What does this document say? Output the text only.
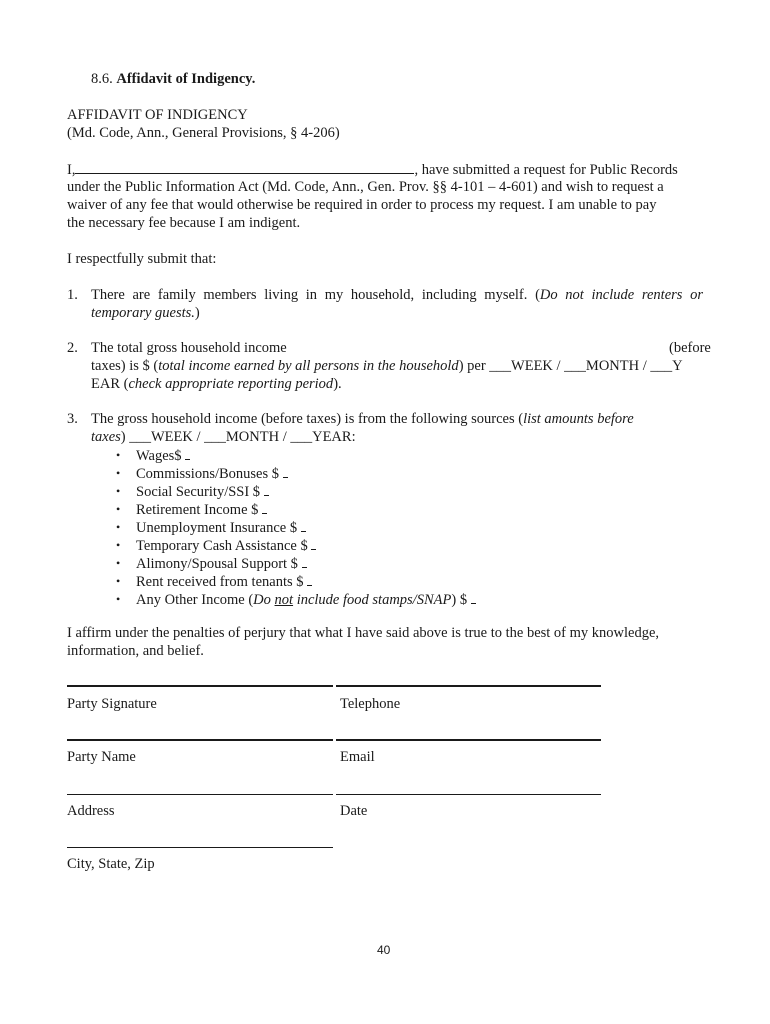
8.6. Affidavit of Indigency.
AFFIDAVIT OF INDIGENCY
(Md. Code, Ann., General Provisions, § 4-206)
I,	, have submitted a request for Public Records
under the Public Information Act (Md. Code, Ann., Gen. Prov. §§ 4-101 – 4-601) and wish to request a
waiver of any fee that would otherwise be required in order to process my request. I am unable to pay
the necessary fee because I am indigent.
I respectfully submit that:
1. There are family members living in my household, including myself. (Do not include renters or
temporary guests.)
2. The total gross household income	(before
taxes) is $ (total income earned by all persons in the household) per ___WEEK / ___MONTH / ___Y
EAR (check appropriate reporting period).
3. The gross household income (before taxes) is from the following sources (list amounts before
taxes) ___WEEK / ___MONTH / ___YEAR:
• Wages$
• Commissions/Bonuses $
• Social Security/SSI $
• Retirement Income $
• Unemployment Insurance $
• Temporary Cash Assistance $
• Alimony/Spousal Support $
• Rent received from tenants $
• Any Other Income (Do not include food stamps/SNAP) $
I affirm under the penalties of perjury that what I have said above is true to the best of my knowledge,
information, and belief.
Party Signature	Telephone
Party Name	Email
Address	Date
City, State, Zip
40
